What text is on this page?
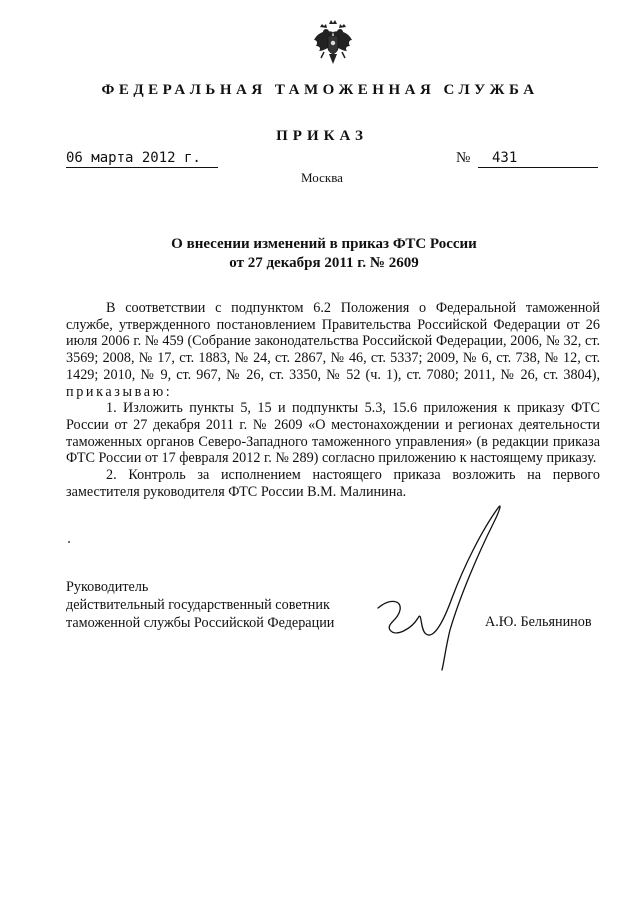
ФЕДЕРАЛЬНАЯ ТАМОЖЕННАЯ СЛУЖБА
ПРИКАЗ
06 марта 2012 г.	№	431
Москва
О внесении изменений в приказ ФТС России
от 27 декабря 2011 г. № 2609

В соответствии с подпунктом 6.2 Положения о Федеральной таможенной службе, утвержденного постановлением Правительства Российской Федерации от 26 июля 2006 г. № 459 (Собрание законодательства Российской Федерации, 2006, № 32, ст. 3569; 2008, № 17, ст. 1883, № 24, ст. 2867, № 46, ст. 5337; 2009, № 6, ст. 738, № 12, ст. 1429; 2010, № 9, ст. 967, № 26, ст. 3350, № 52 (ч. 1), ст. 7080; 2011, № 26, ст. 3804), приказываю:

1. Изложить пункты 5, 15 и подпункты 5.3, 15.6 приложения к приказу ФТС России от 27 декабря 2011 г. № 2609 «О местонахождении и регионах деятельности таможенных органов Северо-Западного таможенного управления» (в редакции приказа ФТС России от 17 февраля 2012 г. № 289) согласно приложению к настоящему приказу.

2. Контроль за исполнением настоящего приказа возложить на первого заместителя руководителя ФТС России В.М. Малинина.

Руководитель
действительный государственный советник
таможенной службы Российской Федерации	А.Ю. Бельянинов
